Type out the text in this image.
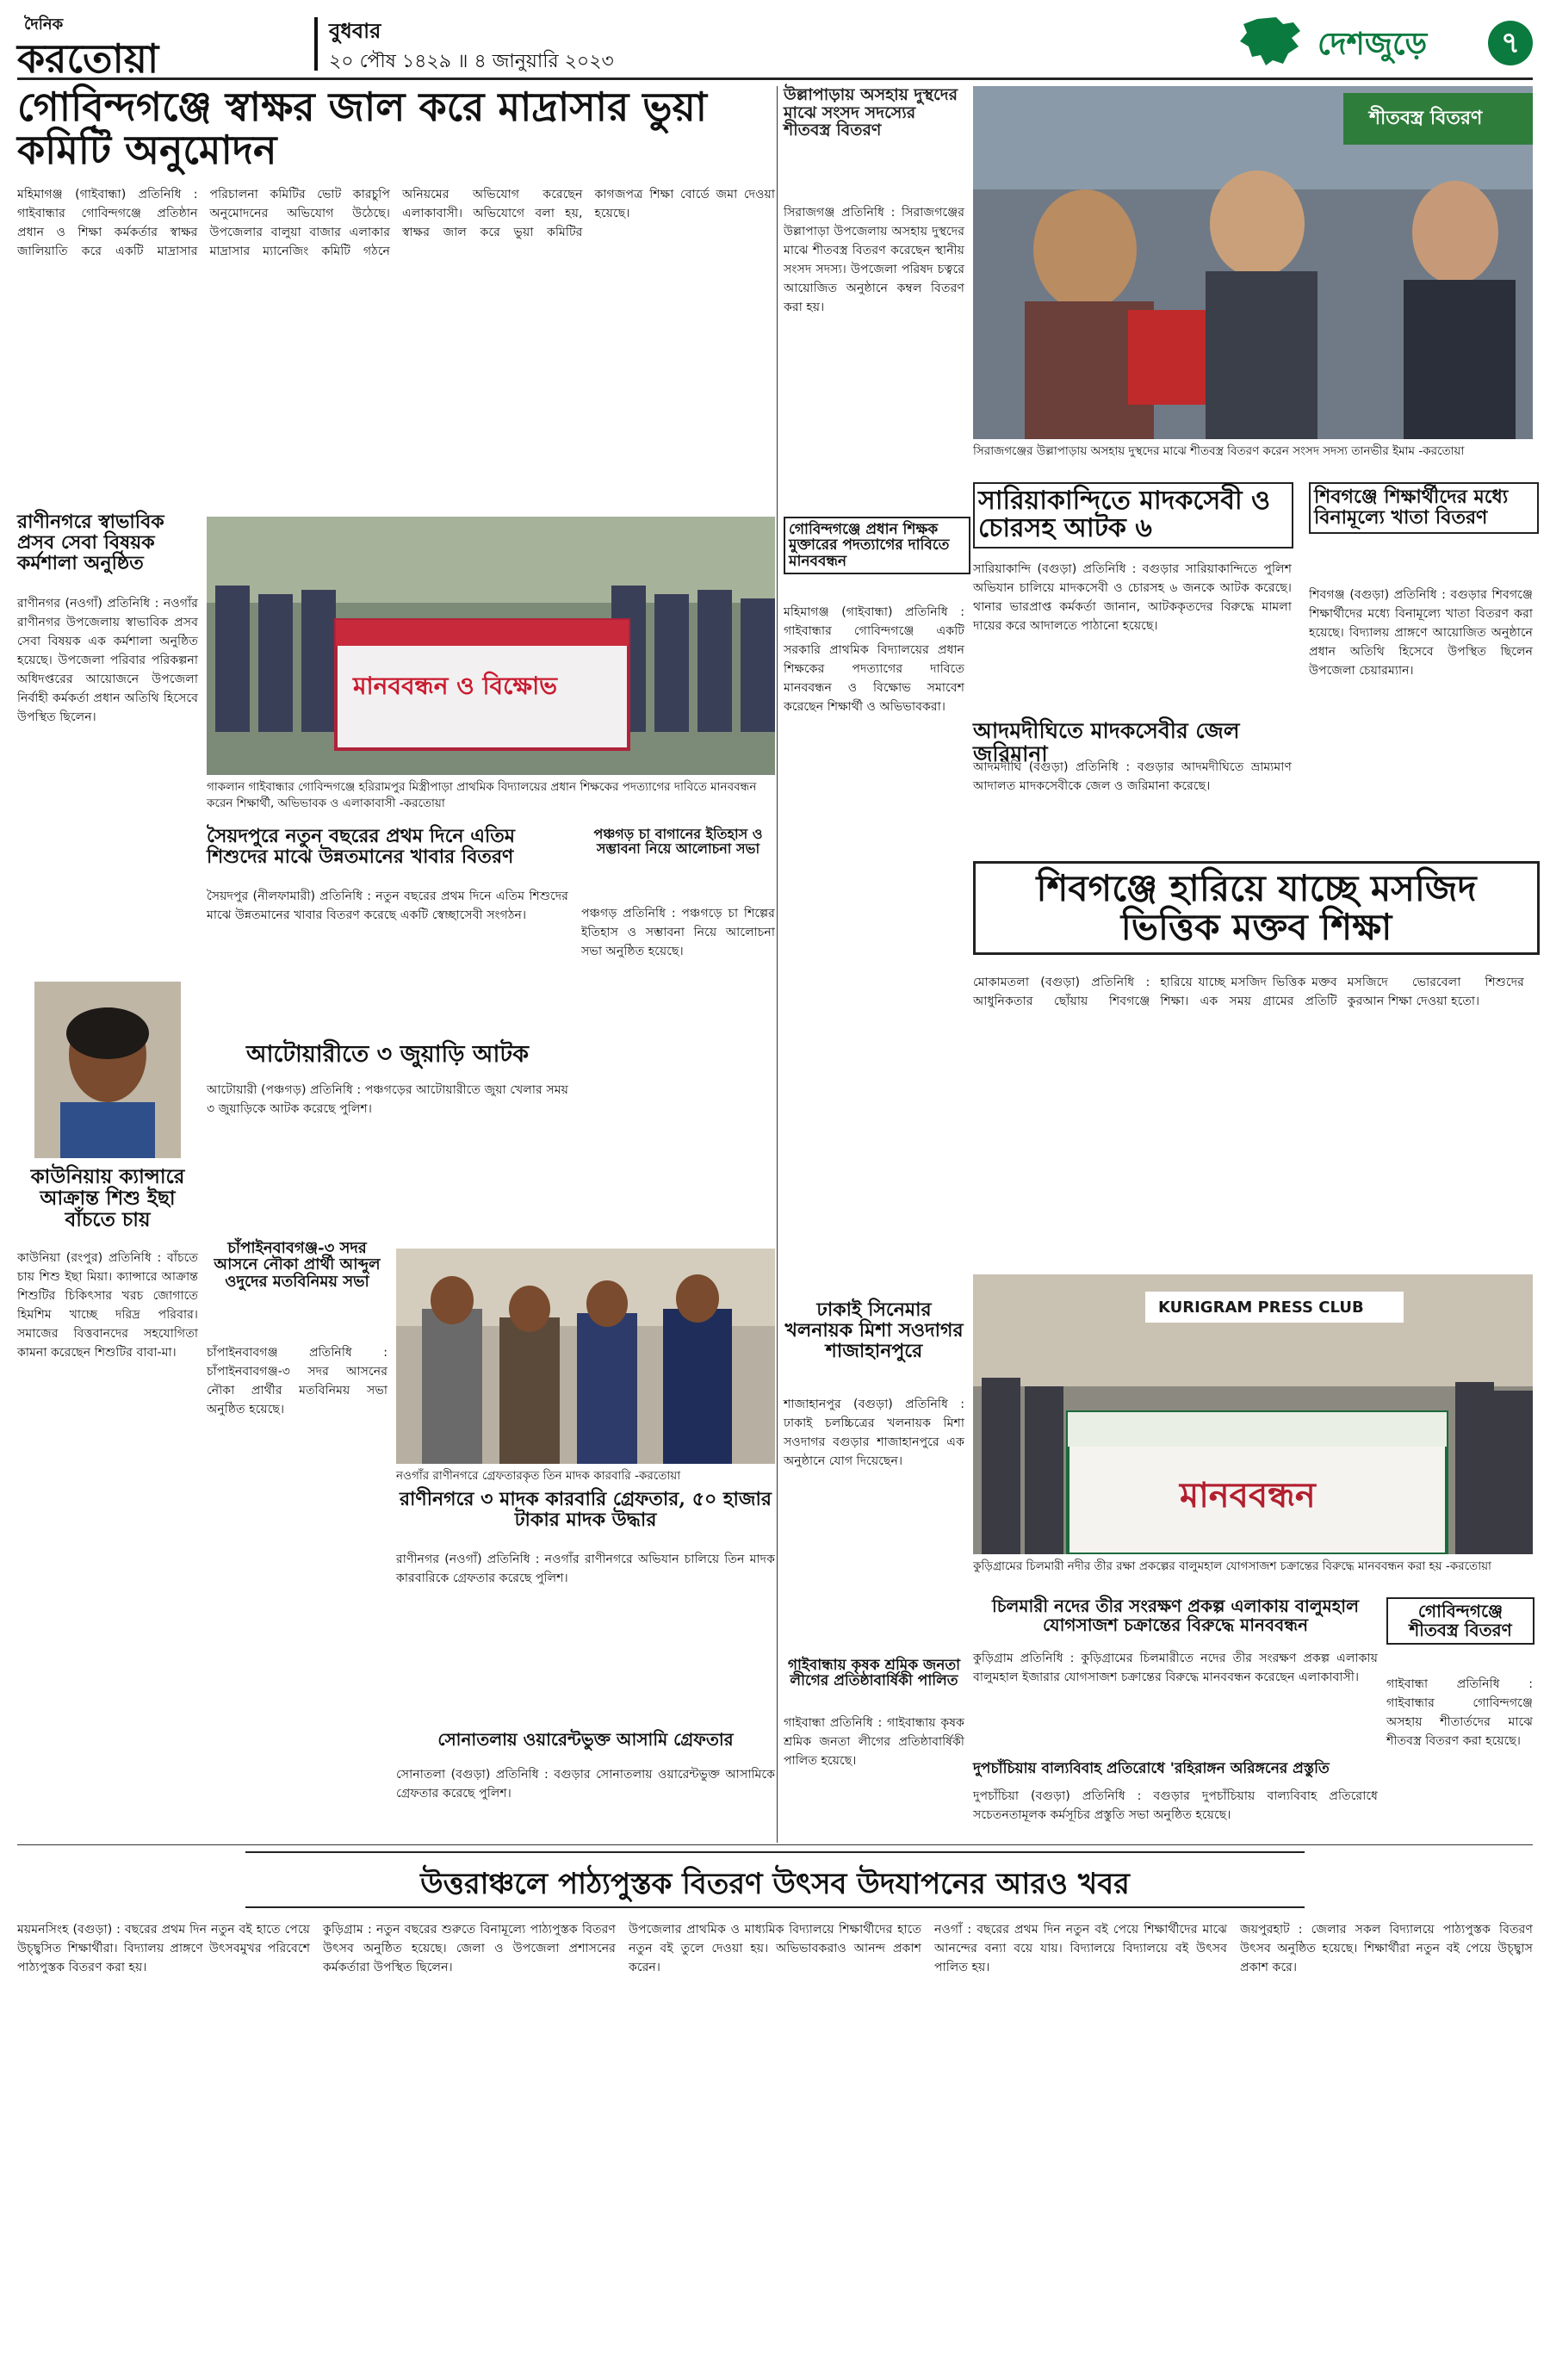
দৈনিক
করতোয়া
বুধবার
২০ পৌষ ১৪২৯ ॥ ৪ জানুয়ারি ২০২৩	দেশজুড়ে	৭
গোবিন্দগঞ্জে স্বাক্ষর জাল করে মাদ্রাসার ভুয়া কমিটি অনুমোদন
মহিমাগঞ্জ (গাইবান্ধা) প্রতিনিধি : গাইবান্ধার গোবিন্দগঞ্জে প্রতিষ্ঠান প্রধান ও শিক্ষা কর্মকর্তার স্বাক্ষর জালিয়াতি করে একটি মাদ্রাসার পরিচালনা কমিটির ভোট কারচুপি অনুমোদনের অভিযোগ উঠেছে। উপজেলার বালুয়া বাজার এলাকার মাদ্রাসার ম্যানেজিং কমিটি গঠনে অনিয়মের অভিযোগ করেছেন এলাকাবাসী। অভিযোগে বলা হয়, স্বাক্ষর জাল করে ভুয়া কমিটির কাগজপত্র শিক্ষা বোর্ডে জমা দেওয়া হয়েছে।
উল্লাপাড়ায় অসহায় দুস্থদের মাঝে সংসদ সদস্যের শীতবস্ত্র বিতরণ
সিরাজগঞ্জ প্রতিনিধি : সিরাজগঞ্জের উল্লাপাড়া উপজেলায় অসহায় দুস্থদের মাঝে শীতবস্ত্র বিতরণ করেছেন স্থানীয় সংসদ সদস্য। উপজেলা পরিষদ চত্বরে আয়োজিত অনুষ্ঠানে কম্বল বিতরণ করা হয়।
শীতবস্ত্র বিতরণ
সিরাজগঞ্জের উল্লাপাড়ায় অসহায় দুস্থদের মাঝে শীতবস্ত্র বিতরণ করেন সংসদ সদস্য তানভীর ইমাম -করতোয়া
সারিয়াকান্দিতে মাদকসেবী ও চোরসহ আটক ৬
সারিয়াকান্দি (বগুড়া) প্রতিনিধি : বগুড়ার সারিয়াকান্দিতে পুলিশ অভিযান চালিয়ে মাদকসেবী ও চোরসহ ৬ জনকে আটক করেছে। থানার ভারপ্রাপ্ত কর্মকর্তা জানান, আটককৃতদের বিরুদ্ধে মামলা দায়ের করে আদালতে পাঠানো হয়েছে।
শিবগঞ্জে শিক্ষার্থীদের মধ্যে বিনামূল্যে খাতা বিতরণ
শিবগঞ্জ (বগুড়া) প্রতিনিধি : বগুড়ার শিবগঞ্জে শিক্ষার্থীদের মধ্যে বিনামূল্যে খাতা বিতরণ করা হয়েছে। বিদ্যালয় প্রাঙ্গণে আয়োজিত অনুষ্ঠানে প্রধান অতিথি হিসেবে উপস্থিত ছিলেন উপজেলা চেয়ারম্যান।
রাণীনগরে স্বাভাবিক প্রসব সেবা বিষয়ক কর্মশালা অনুষ্ঠিত
রাণীনগর (নওগাঁ) প্রতিনিধি : নওগাঁর রাণীনগর উপজেলায় স্বাভাবিক প্রসব সেবা বিষয়ক এক কর্মশালা অনুষ্ঠিত হয়েছে। উপজেলা পরিবার পরিকল্পনা অধিদপ্তরের আয়োজনে উপজেলা নির্বাহী কর্মকর্তা প্রধান অতিথি হিসেবে উপস্থিত ছিলেন।
মানববন্ধন ও বিক্ষোভ
গাকলান গাইবান্ধার গোবিন্দগঞ্জে হরিরামপুর মিস্ত্রীপাড়া প্রাথমিক বিদ্যালয়ের প্রধান শিক্ষকের পদত্যাগের দাবিতে মানববন্ধন করেন শিক্ষার্থী, অভিভাবক ও এলাকাবাসী -করতোয়া
গোবিন্দগঞ্জে প্রধান শিক্ষক মুক্তারের পদত্যাগের দাবিতে মানববন্ধন
মহিমাগঞ্জ (গাইবান্ধা) প্রতিনিধি : গাইবান্ধার গোবিন্দগঞ্জে একটি সরকারি প্রাথমিক বিদ্যালয়ের প্রধান শিক্ষকের পদত্যাগের দাবিতে মানববন্ধন ও বিক্ষোভ সমাবেশ করেছেন শিক্ষার্থী ও অভিভাবকরা।
আদমদীঘিতে মাদকসেবীর জেল জরিমানা
আদমদীঘি (বগুড়া) প্রতিনিধি : বগুড়ার আদমদীঘিতে ভ্রাম্যমাণ আদালত মাদকসেবীকে জেল ও জরিমানা করেছে।
সৈয়দপুরে নতুন বছরের প্রথম দিনে এতিম শিশুদের মাঝে উন্নতমানের খাবার বিতরণ
সৈয়দপুর (নীলফামারী) প্রতিনিধি : নতুন বছরের প্রথম দিনে এতিম শিশুদের মাঝে উন্নতমানের খাবার বিতরণ করেছে একটি স্বেচ্ছাসেবী সংগঠন।
পঞ্চগড় চা বাগানের ইতিহাস ও সম্ভাবনা নিয়ে আলোচনা সভা
পঞ্চগড় প্রতিনিধি : পঞ্চগড়ে চা শিল্পের ইতিহাস ও সম্ভাবনা নিয়ে আলোচনা সভা অনুষ্ঠিত হয়েছে।
কাউনিয়ায় ক্যান্সারে আক্রান্ত শিশু ইছা বাঁচতে চায়
কাউনিয়া (রংপুর) প্রতিনিধি : বাঁচতে চায় শিশু ইছা মিয়া। ক্যান্সারে আক্রান্ত শিশুটির চিকিৎসার খরচ জোগাতে হিমশিম খাচ্ছে দরিদ্র পরিবার। সমাজের বিত্তবানদের সহযোগিতা কামনা করেছেন শিশুটির বাবা-মা।
শিবগঞ্জে হারিয়ে যাচ্ছে মসজিদ ভিত্তিক মক্তব শিক্ষা
মোকামতলা (বগুড়া) প্রতিনিধি : আধুনিকতার ছোঁয়ায় শিবগঞ্জে হারিয়ে যাচ্ছে মসজিদ ভিত্তিক মক্তব শিক্ষা। এক সময় গ্রামের প্রতিটি মসজিদে ভোরবেলা শিশুদের কুরআন শিক্ষা দেওয়া হতো।
আটোয়ারীতে ৩ জুয়াড়ি আটক
আটোয়ারী (পঞ্চগড়) প্রতিনিধি : পঞ্চগড়ের আটোয়ারীতে জুয়া খেলার সময় ৩ জুয়াড়িকে আটক করেছে পুলিশ।
চাঁপাইনবাবগঞ্জ-৩ সদর আসনে নৌকা প্রার্থী আব্দুল ওদুদের মতবিনিময় সভা
চাঁপাইনবাবগঞ্জ প্রতিনিধি : চাঁপাইনবাবগঞ্জ-৩ সদর আসনের নৌকা প্রার্থীর মতবিনিময় সভা অনুষ্ঠিত হয়েছে।
নওগাঁর রাণীনগরে গ্রেফতারকৃত তিন মাদক কারবারি -করতোয়া
রাণীনগরে ৩ মাদক কারবারি গ্রেফতার, ৫০ হাজার টাকার মাদক উদ্ধার
রাণীনগর (নওগাঁ) প্রতিনিধি : নওগাঁর রাণীনগরে অভিযান চালিয়ে তিন মাদক কারবারিকে গ্রেফতার করেছে পুলিশ।
সোনাতলায় ওয়ারেন্টভুক্ত আসামি গ্রেফতার
সোনাতলা (বগুড়া) প্রতিনিধি : বগুড়ার সোনাতলায় ওয়ারেন্টভুক্ত আসামিকে গ্রেফতার করেছে পুলিশ।
ঢাকাই সিনেমার খলনায়ক মিশা সওদাগর শাজাহানপুরে
শাজাহানপুর (বগুড়া) প্রতিনিধি : ঢাকাই চলচ্চিত্রের খলনায়ক মিশা সওদাগর বগুড়ার শাজাহানপুরে এক অনুষ্ঠানে যোগ দিয়েছেন।
গাইবান্ধায় কৃষক শ্রমিক জনতা লীগের প্রতিষ্ঠাবার্ষিকী পালিত
গাইবান্ধা প্রতিনিধি : গাইবান্ধায় কৃষক শ্রমিক জনতা লীগের প্রতিষ্ঠাবার্ষিকী পালিত হয়েছে।
KURIGRAM PRESS CLUB
মানববন্ধন
কুড়িগ্রামের চিলমারী নদীর তীর রক্ষা প্রকল্পের বালুমহাল যোগসাজশ চক্রান্তের বিরুদ্ধে মানববন্ধন করা হয় -করতোয়া
চিলমারী নদের তীর সংরক্ষণ প্রকল্প এলাকায় বালুমহাল যোগসাজশ চক্রান্তের বিরুদ্ধে মানববন্ধন
কুড়িগ্রাম প্রতিনিধি : কুড়িগ্রামের চিলমারীতে নদের তীর সংরক্ষণ প্রকল্প এলাকায় বালুমহাল ইজারার যোগসাজশ চক্রান্তের বিরুদ্ধে মানববন্ধন করেছেন এলাকাবাসী।
গোবিন্দগঞ্জে শীতবস্ত্র বিতরণ
গাইবান্ধা প্রতিনিধি : গাইবান্ধার গোবিন্দগঞ্জে অসহায় শীতার্তদের মাঝে শীতবস্ত্র বিতরণ করা হয়েছে।
দুপচাঁচিয়ায় বাল্যবিবাহ প্রতিরোধে 'রহিরাঙ্গন অরিঙ্গনের প্রস্তুতি
দুপচাঁচিয়া (বগুড়া) প্রতিনিধি : বগুড়ার দুপচাঁচিয়ায় বাল্যবিবাহ প্রতিরোধে সচেতনতামূলক কর্মসূচির প্রস্তুতি সভা অনুষ্ঠিত হয়েছে।
উত্তরাঞ্চলে পাঠ্যপুস্তক বিতরণ উৎসব উদযাপনের আরও খবর
ময়মনসিংহ (বগুড়া) : বছরের প্রথম দিন নতুন বই হাতে পেয়ে উচ্ছ্বসিত শিক্ষার্থীরা। বিদ্যালয় প্রাঙ্গণে উৎসবমুখর পরিবেশে পাঠ্যপুস্তক বিতরণ করা হয়।
কুড়িগ্রাম : নতুন বছরের শুরুতে বিনামূল্যে পাঠ্যপুস্তক বিতরণ উৎসব অনুষ্ঠিত হয়েছে। জেলা ও উপজেলা প্রশাসনের কর্মকর্তারা উপস্থিত ছিলেন।
উপজেলার প্রাথমিক ও মাধ্যমিক বিদ্যালয়ে শিক্ষার্থীদের হাতে নতুন বই তুলে দেওয়া হয়। অভিভাবকরাও আনন্দ প্রকাশ করেন।
নওগাঁ : বছরের প্রথম দিন নতুন বই পেয়ে শিক্ষার্থীদের মাঝে আনন্দের বন্যা বয়ে যায়। বিদ্যালয়ে বিদ্যালয়ে বই উৎসব পালিত হয়।
জয়পুরহাট : জেলার সকল বিদ্যালয়ে পাঠ্যপুস্তক বিতরণ উৎসব অনুষ্ঠিত হয়েছে। শিক্ষার্থীরা নতুন বই পেয়ে উচ্ছ্বাস প্রকাশ করে।
